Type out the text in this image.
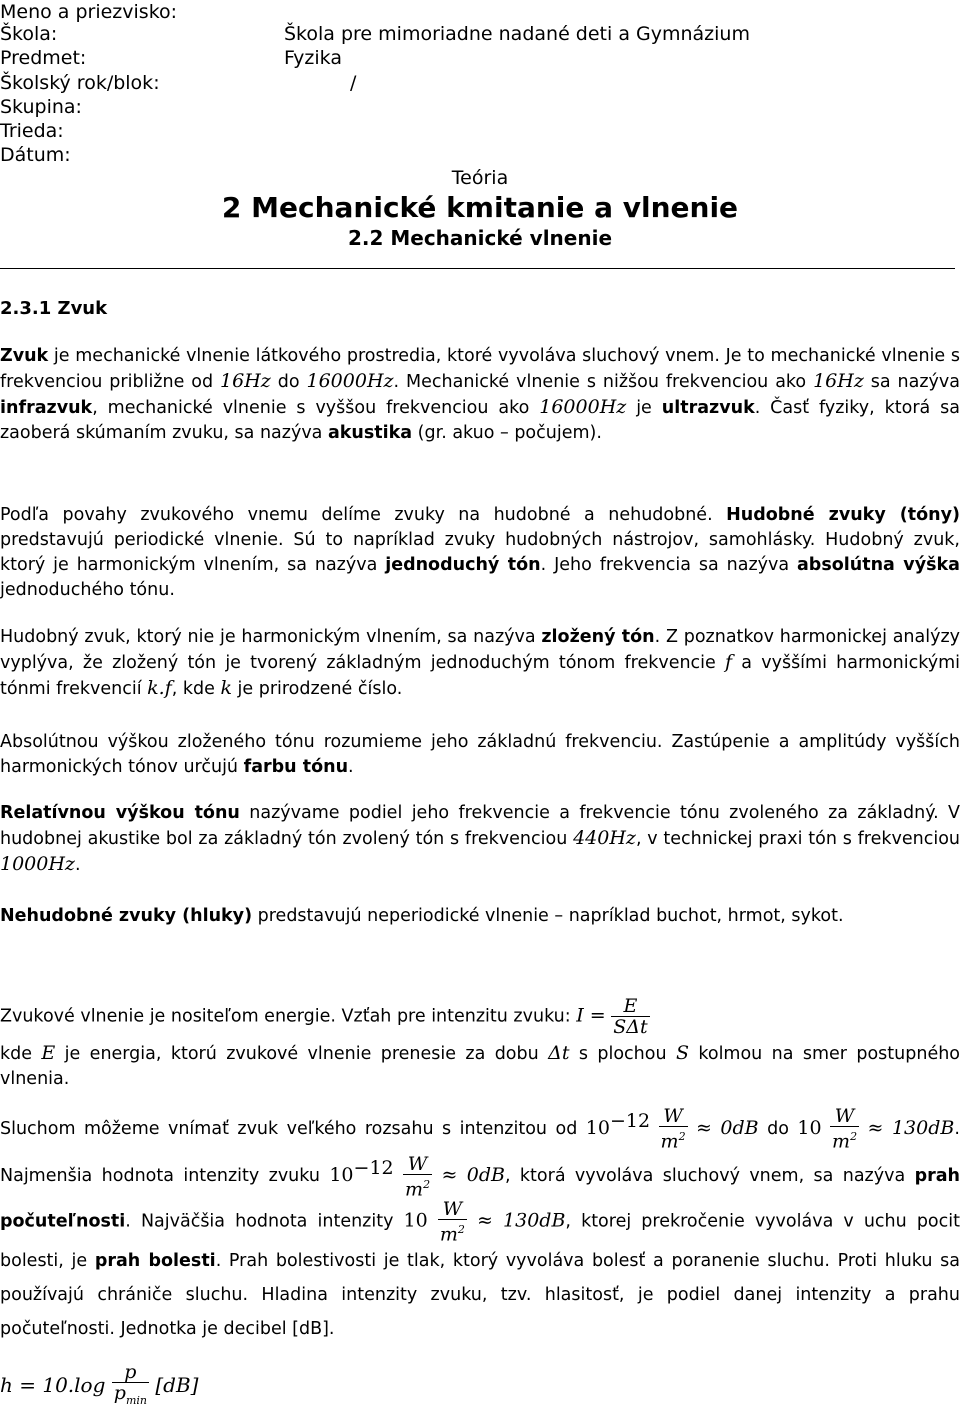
Meno a priezvisko:
Škola:	Škola pre mimoriadne nadané deti a Gymnázium
Predmet:	Fyzika
Školský rok/blok:	/
Skupina:
Trieda:
Dátum:
Teória
2 Mechanické kmitanie a vlnenie
2.2 Mechanické vlnenie
2.3.1 Zvuk
Zvuk je mechanické vlnenie látkového prostredia, ktoré vyvoláva sluchový vnem. Je to mechanické vlnenie s frekvenciou približne od 16Hz do 16000Hz. Mechanické vlnenie s nižšou frekvenciou ako 16Hz sa nazýva infrazvuk, mechanické vlnenie s vyššou frekvenciou ako 16000Hz je ultrazvuk. Časť fyziky, ktorá sa zaoberá skúmaním zvuku, sa nazýva akustika (gr. akuo – počujem).
Podľa povahy zvukového vnemu delíme zvuky na hudobné a nehudobné. Hudobné zvuky (tóny) predstavujú periodické vlnenie. Sú to napríklad zvuky hudobných nástrojov, samohlásky. Hudobný zvuk, ktorý je harmonickým vlnením, sa nazýva jednoduchý tón. Jeho frekvencia sa nazýva absolútna výška jednoduchého tónu.
Hudobný zvuk, ktorý nie je harmonickým vlnením, sa nazýva zložený tón. Z poznatkov harmonickej analýzy vyplýva, že zložený tón je tvorený základným jednoduchým tónom frekvencie f a vyššími harmonickými tónmi frekvencií k.f, kde k je prirodzené číslo.
Absolútnou výškou zloženého tónu rozumieme jeho základnú frekvenciu. Zastúpenie a amplitúdy vyšších harmonických tónov určujú farbu tónu.
Relatívnou výškou tónu nazývame podiel jeho frekvencie a frekvencie tónu zvoleného za základný. V hudobnej akustike bol za základný tón zvolený tón s frekvenciou 440Hz, v technickej praxi tón s frekvenciou 1000Hz.
Nehudobné zvuky (hluky) predstavujú neperiodické vlnenie – napríklad buchot, hrmot, sykot.
Zvukové vlnenie je nositeľom energie. Vzťah pre intenzitu zvuku: $I = \frac{E}{\text{SΔt}}$
kde E je energia, ktorú zvukové vlnenie prenesie za dobu Δt s plochou S kolmou na smer postupného vlnenia.
Sluchom môžeme vnímať zvuk veľkého rozsahu s intenzitou od $10^{-12} \frac{W}{m^2} \approx 0dB$ do $10 \frac{W}{m^2} \approx 130dB$. Najmenšia hodnota intenzity zvuku $10^{-12} \frac{W}{m^2} \approx 0dB$, ktorá vyvoláva sluchový vnem, sa nazýva prah počuteľnosti. Najväčšia hodnota intenzity $10 \frac{W}{m^2} \approx 130dB$, ktorej prekročenie vyvoláva v uchu pocit bolesti, je prah bolesti. Prah bolestivosti je tlak, ktorý vyvoláva bolesť a poranenie sluchu. Proti hluku sa používajú chrániče sluchu. Hladina intenzity zvuku, tzv. hlasitosť, je podiel danej intenzity a prahu počuteľnosti. Jednotka je decibel [dB].
$h = 10.\log \frac{p}{p_{min}} [dB]$
